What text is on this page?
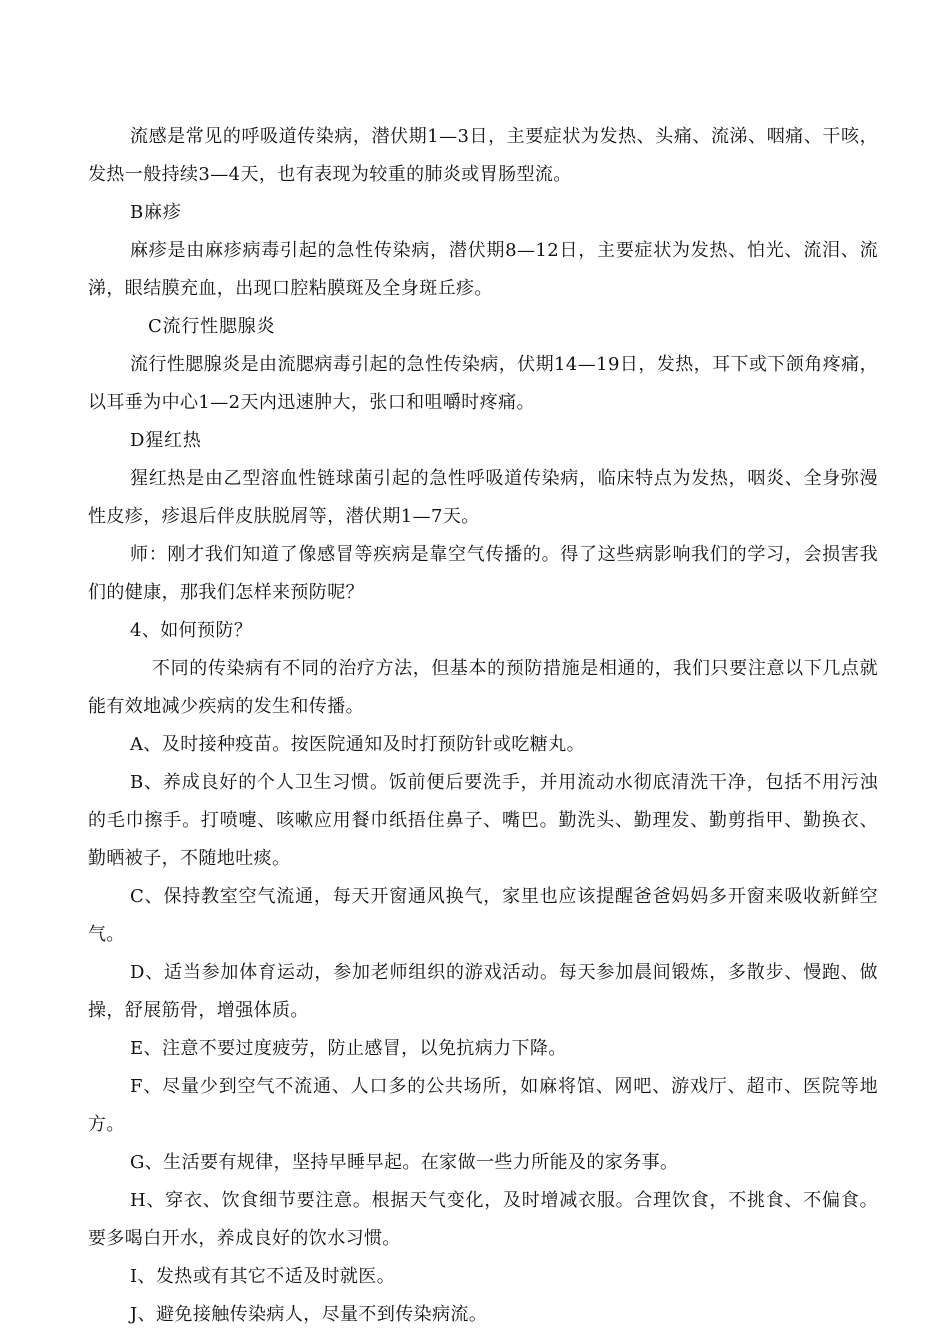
流感是常见的呼吸道传染病，潜伏期1—3日，主要症状为发热、头痛、流涕、咽痛、干咳，发热一般持续3—4天，也有表现为较重的肺炎或胃肠型流。

B麻疹

麻疹是由麻疹病毒引起的急性传染病，潜伏期8—12日，主要症状为发热、怕光、流泪、流涕，眼结膜充血，出现口腔粘膜斑及全身斑丘疹。

C流行性腮腺炎

流行性腮腺炎是由流腮病毒引起的急性传染病，伏期14—19日，发热，耳下或下颌角疼痛，以耳垂为中心1—2天内迅速肿大，张口和咀嚼时疼痛。

D猩红热

猩红热是由乙型溶血性链球菌引起的急性呼吸道传染病，临床特点为发热，咽炎、全身弥漫性皮疹，疹退后伴皮肤脱屑等，潜伏期1—7天。

师：刚才我们知道了像感冒等疾病是靠空气传播的。得了这些病影响我们的学习，会损害我们的健康，那我们怎样来预防呢？

4、如何预防？

不同的传染病有不同的治疗方法，但基本的预防措施是相通的，我们只要注意以下几点就能有效地减少疾病的发生和传播。

A、及时接种疫苗。按医院通知及时打预防针或吃糖丸。

B、养成良好的个人卫生习惯。饭前便后要洗手，并用流动水彻底清洗干净，包括不用污浊的毛巾擦手。打喷嚏、咳嗽应用餐巾纸捂住鼻子、嘴巴。勤洗头、勤理发、勤剪指甲、勤换衣、勤晒被子，不随地吐痰。

C、保持教室空气流通，每天开窗通风换气，家里也应该提醒爸爸妈妈多开窗来吸收新鲜空气。

D、适当参加体育运动，参加老师组织的游戏活动。每天参加晨间锻炼，多散步、慢跑、做操，舒展筋骨，增强体质。

E、注意不要过度疲劳，防止感冒，以免抗病力下降。

F、尽量少到空气不流通、人口多的公共场所，如麻将馆、网吧、游戏厅、超市、医院等地方。

G、生活要有规律，坚持早睡早起。在家做一些力所能及的家务事。

H、穿衣、饮食细节要注意。根据天气变化，及时增减衣服。合理饮食，不挑食、不偏食。要多喝白开水，养成良好的饮水习惯。

I、发热或有其它不适及时就医。

J、避免接触传染病人，尽量不到传染病流。
